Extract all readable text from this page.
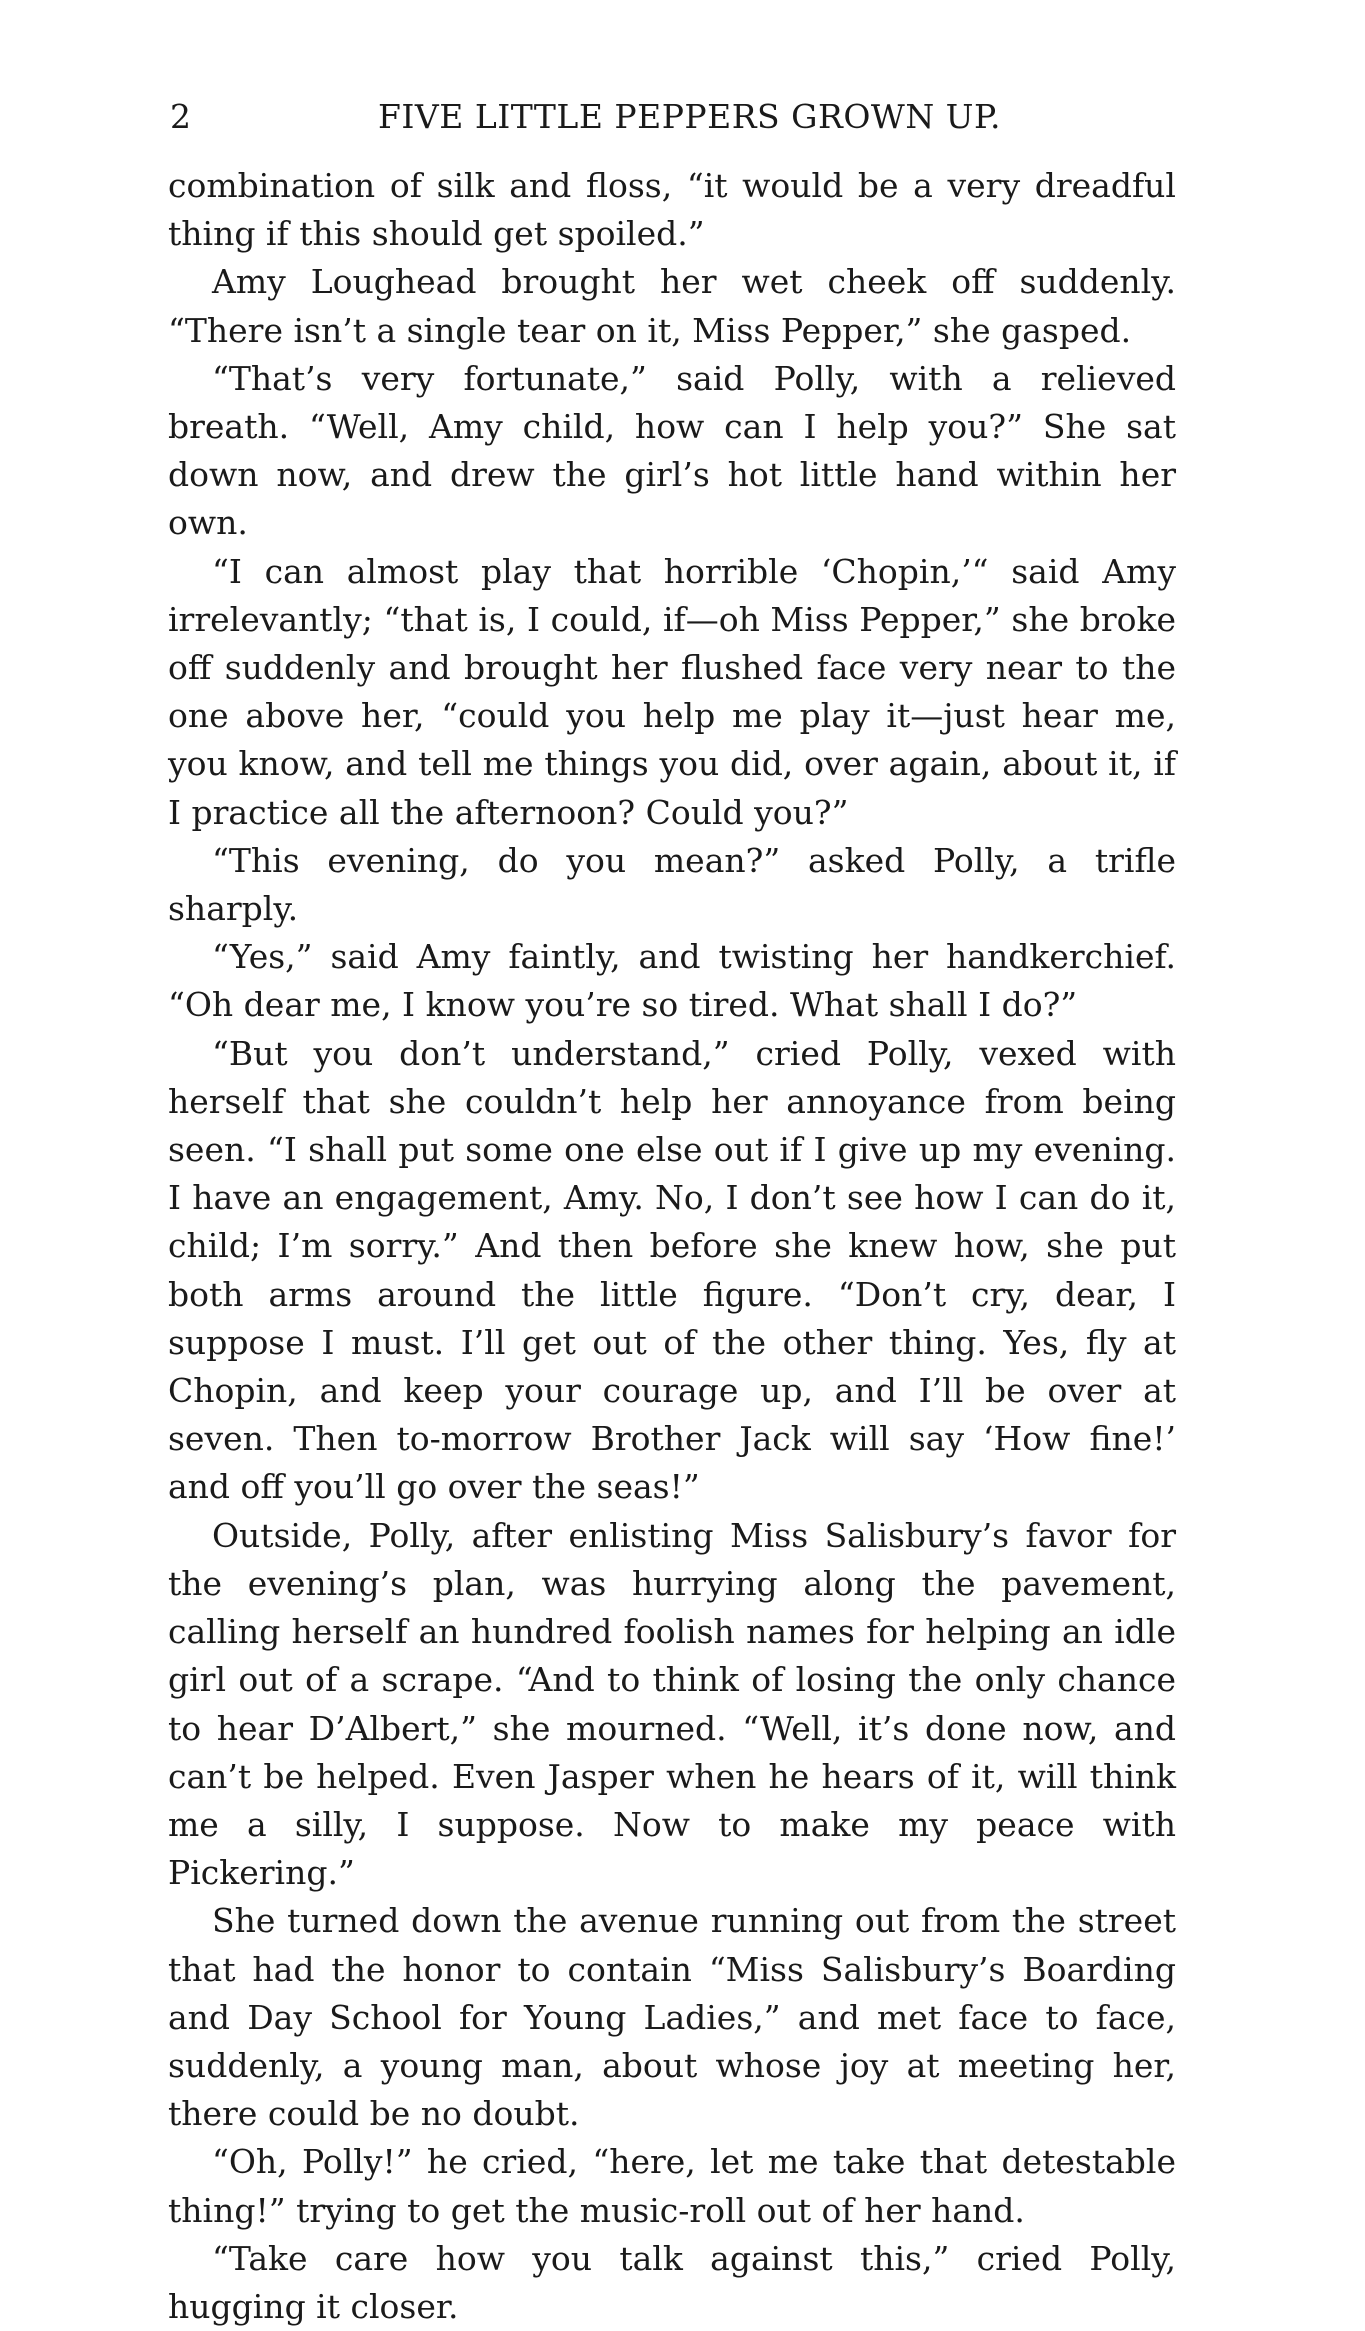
2	FIVE LITTLE PEPPERS GROWN UP.

combination of silk and floss, “it would be a very dreadful thing if this should get spoiled.”

Amy Loughead brought her wet cheek off suddenly. “There isn’t a single tear on it, Miss Pepper,” she gasped.

“That’s very fortunate,” said Polly, with a relieved breath. “Well, Amy child, how can I help you?” She sat down now, and drew the girl’s hot little hand within her own.

“I can almost play that horrible ‘Chopin,’“ said Amy irrelevantly; “that is, I could, if—oh Miss Pepper,” she broke off suddenly and brought her flushed face very near to the one above her, “could you help me play it—just hear me, you know, and tell me things you did, over again, about it, if I practice all the afternoon? Could you?”

“This evening, do you mean?” asked Polly, a trifle sharply.

“Yes,” said Amy faintly, and twisting her handkerchief. “Oh dear me, I know you’re so tired. What shall I do?”

“But you don’t understand,” cried Polly, vexed with herself that she couldn’t help her annoyance from being seen. “I shall put some one else out if I give up my evening. I have an engagement, Amy. No, I don’t see how I can do it, child; I’m sorry.” And then before she knew how, she put both arms around the little figure. “Don’t cry, dear, I suppose I must. I’ll get out of the other thing. Yes, fly at Chopin, and keep your courage up, and I’ll be over at seven. Then to-morrow Brother Jack will say ‘How fine!’ and off you’ll go over the seas!”

Outside, Polly, after enlisting Miss Salisbury’s favor for the evening’s plan, was hurrying along the pavement, calling herself an hundred foolish names for helping an idle girl out of a scrape. “And to think of losing the only chance to hear D’Albert,” she mourned. “Well, it’s done now, and can’t be helped. Even Jasper when he hears of it, will think me a silly, I suppose. Now to make my peace with Pickering.”

She turned down the avenue running out from the street that had the honor to contain “Miss Salisbury’s Boarding and Day School for Young Ladies,” and met face to face, suddenly, a young man, about whose joy at meeting her, there could be no doubt.

“Oh, Polly!” he cried, “here, let me take that detestable thing!” trying to get the music-roll out of her hand.

“Take care how you talk against this,” cried Polly, hugging it closer.
